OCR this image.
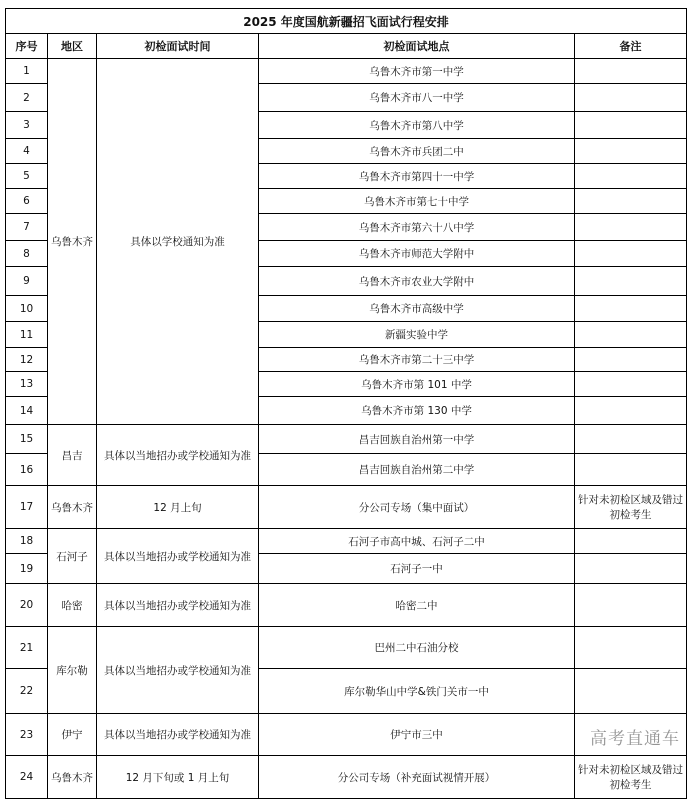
2025 年度国航新疆招飞面试行程安排				
序号	地区	初检面试时间	初检面试地点	备注
1	乌鲁木齐	具体以学校通知为准	乌鲁木齐市第一中学	
2			乌鲁木齐市八一中学	
3			乌鲁木齐市第八中学	
4			乌鲁木齐市兵团二中	
5			乌鲁木齐市第四十一中学	
6			乌鲁木齐市第七十中学	
7			乌鲁木齐市第六十八中学	
8			乌鲁木齐市师范大学附中	
9			乌鲁木齐市农业大学附中	
10			乌鲁木齐市高级中学	
11			新疆实验中学	
12			乌鲁木齐市第二十三中学	
13			乌鲁木齐市第 101 中学	
14			乌鲁木齐市第 130 中学	
15	昌吉	具体以当地招办或学校通知为准	昌吉回族自治州第一中学	
16			昌吉回族自治州第二中学	
17	乌鲁木齐	12 月上旬	分公司专场（集中面试）	针对未初检区域及错过初检考生
18	石河子	具体以当地招办或学校通知为准	石河子市高中城、石河子二中	
19			石河子一中	
20	哈密	具体以当地招办或学校通知为准	哈密二中	
21	库尔勒	具体以当地招办或学校通知为准	巴州二中石油分校	
22			库尔勒华山中学&铁门关市一中	
23	伊宁	具体以当地招办或学校通知为准	伊宁市三中	
24	乌鲁木齐	12 月下旬或 1 月上旬	分公司专场（补充面试视情开展）	针对未初检区域及错过初检考生
高考直通车
